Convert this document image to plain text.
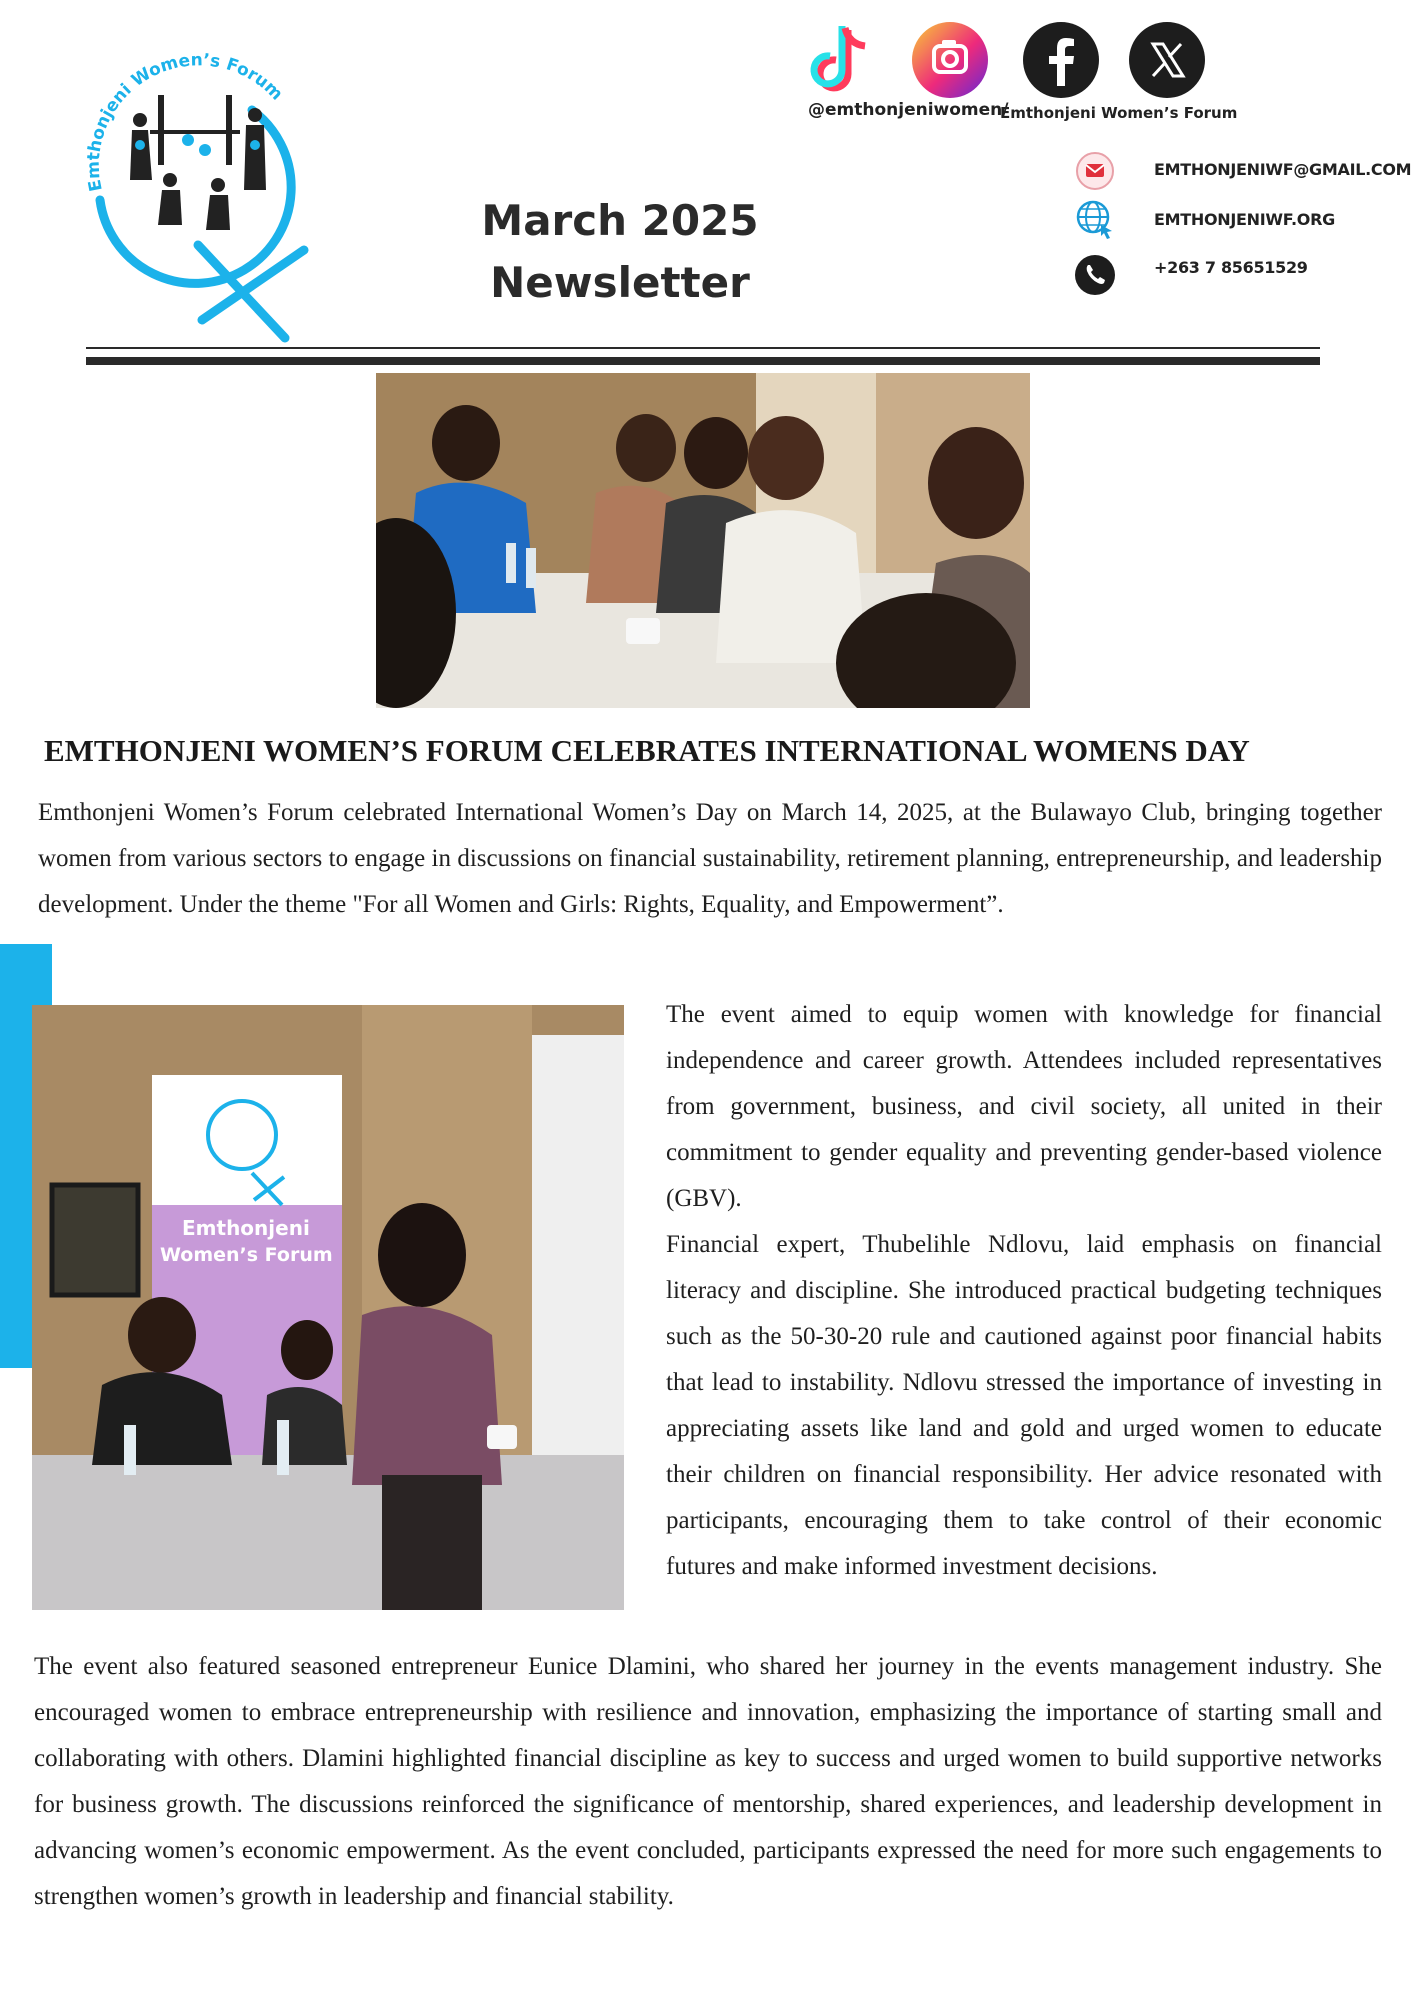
Emthonjeni Women’s Forum
March 2025
Newsletter
@emthonjeniwomen/
Emthonjeni Women’s Forum
EMTHONJENIWF@GMAIL.COM
EMTHONJENIWF.ORG
+263 7 85651529
EMTHONJENI WOMEN’S FORUM CELEBRATES INTERNATIONAL WOMENS DAY
Emthonjeni Women’s Forum celebrated International Women’s Day on March 14, 2025, at the Bulawayo Club, bringing together women from various sectors to engage in discussions on financial sustainability, retirement planning, entrepreneurship, and leadership development. Under the theme "For all Women and Girls: Rights, Equality, and Empowerment”.
Emthonjeni
Women’s Forum
The event aimed to equip women with knowledge for financial independence and career growth. Attendees included representatives from government, business, and civil society, all united in their commitment to gender equality and preventing gender-based violence (GBV).
Financial expert, Thubelihle Ndlovu, laid emphasis on financial literacy and discipline. She introduced practical budgeting techniques such as the 50-30-20 rule and cautioned against poor financial habits that lead to instability. Ndlovu stressed the importance of investing in appreciating assets like land and gold and urged women to educate their children on financial responsibility. Her advice resonated with participants, encouraging them to take control of their economic futures and make informed investment decisions.
The event also featured seasoned entrepreneur Eunice Dlamini, who shared her journey in the events management industry. She encouraged women to embrace entrepreneurship with resilience and innovation, emphasizing the importance of starting small and collaborating with others. Dlamini highlighted financial discipline as key to success and urged women to build supportive networks for business growth. The discussions reinforced the significance of mentorship, shared experiences, and leadership development in advancing women’s economic empowerment. As the event concluded, participants expressed the need for more such engagements to strengthen women’s growth in leadership and financial stability.
